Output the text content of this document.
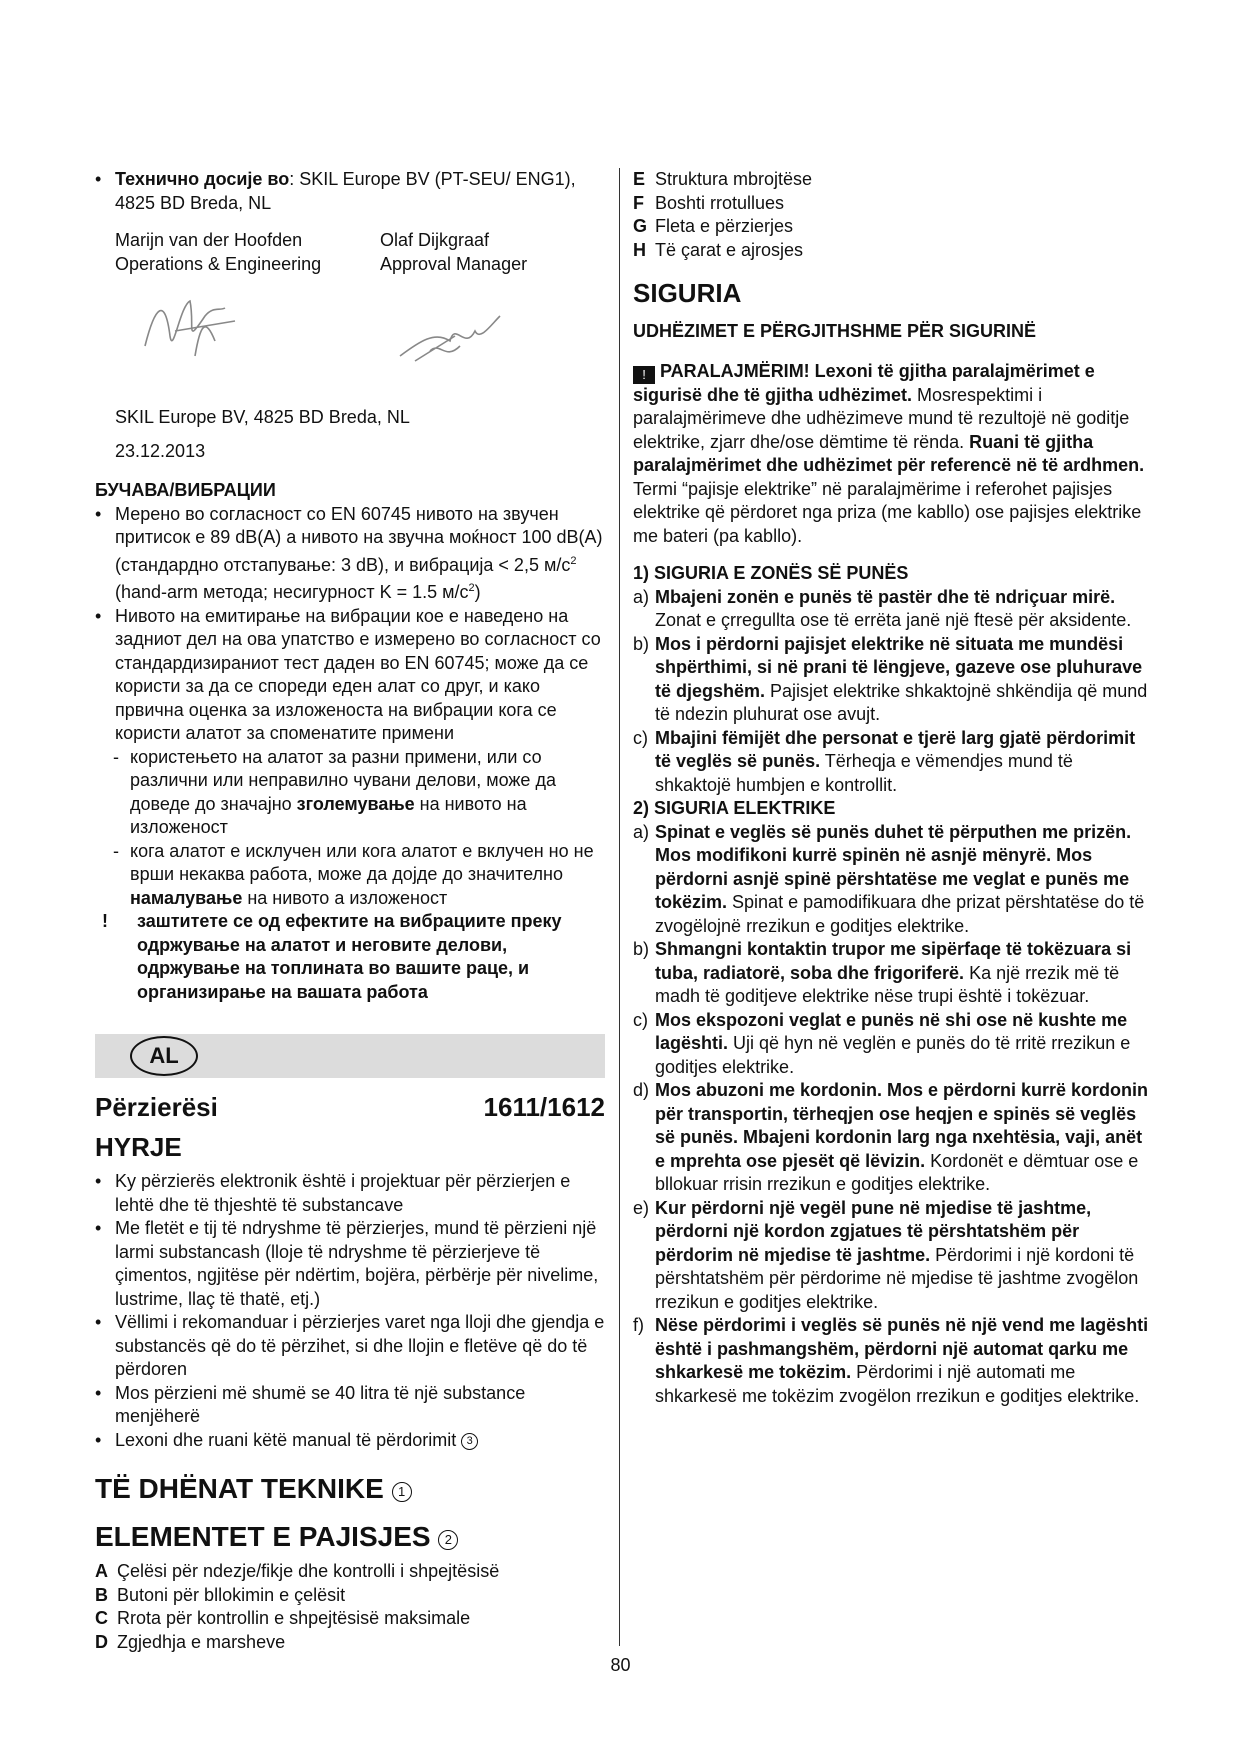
• Технично досије во: SKIL Europe BV (PT-SEU/ ENG1), 4825 BD Breda, NL

Marijn van der Hoofden

Operations & Engineering

Olaf Dijkgraaf

Approval Manager

SKIL Europe BV, 4825 BD Breda, NL

23.12.2013

БУЧАВА/ВИБРАЦИИ

• Мерено во согласност со EN 60745 нивото на звучен притисок е 89 dB(A) а нивото на звучна моќност 100 dB(A) (стандардно отстапување: 3 dB), и вибрација < 2,5 $м/с^2$ (hand-arm метода; несигурност K = 1.5 $м/с^2$)

• Нивото на емитирање на вибрации кое е наведено на задниот дел на ова упатство е измерено во согласност со стандардизираниот тест даден во EN 60745; може да се користи за да се спореди еден алат со друг, и како првична оценка за изложеноста на вибрации кога се користи алатот за споменатите примени

- користењето на алатот за разни примени, или со различни или неправилно чувани делови, може да доведе до значајно зголемување на нивото на изложеност

- кога алатот е исклучен или кога алатот е вклучен но не врши некаква работа, може да дојде до значително намалување на нивото а изложеност

! заштитете се од ефектите на вибрациите преку одржување на алатот и неговите делови, одржување на топлината во вашите раце, и организирање на вашата работа

AL
Përzierësi	1611/1612

HYRJE

• Ky përzierës elektronik është i projektuar për përzierjen e lehtë dhe të thjeshtë të substancave

• Me fletët e tij të ndryshme të përzierjes, mund të përzieni një larmi substancash (lloje të ndryshme të përzierjeve të çimentos, ngjitëse për ndërtim, bojëra, përbërje për nivelime, lustrime, llaç të thatë, etj.)

• Vëllimi i rekomanduar i përzierjes varet nga lloji dhe gjendja e substancës që do të përzihet, si dhe llojin e fletëve që do të përdoren

• Mos përzieni më shumë se 40 litra të një substance menjëherë

• Lexoni dhe ruani këtë manual të përdorimit 3

TË DHËNAT TEKNIKE 1

ELEMENTET E PAJISJES 2

A Çelësi për ndezje/fikje dhe kontrolli i shpejtësisë

B Butoni për bllokimin e çelësit

C Rrota për kontrollin e shpejtësisë maksimale

D Zgjedhja e marsheve

E Struktura mbrojtëse

F Boshti rrotullues

G Fleta e përzierjes

H Të çarat e ajrosjes

SIGURIA

UDHËZIMET E PËRGJITHSHME PËR SIGURINË

! PARALAJMËRIM! Lexoni të gjitha paralajmërimet e sigurisë dhe të gjitha udhëzimet. Mosrespektimi i paralajmërimeve dhe udhëzimeve mund të rezultojë në goditje elektrike, zjarr dhe/ose dëmtime të rënda. Ruani të gjitha paralajmërimet dhe udhëzimet për referencë në të ardhmen. Termi “pajisje elektrike” në paralajmërime i referohet pajisjes elektrike që përdoret nga priza (me kabllo) ose pajisjes elektrike me bateri (pa kabllo).

1) SIGURIA E ZONËS SË PUNËS

a) Mbajeni zonën e punës të pastër dhe të ndriçuar mirë. Zonat e çrregullta ose të errëta janë një ftesë për aksidente.

b) Mos i përdorni pajisjet elektrike në situata me mundësi shpërthimi, si në prani të lëngjeve, gazeve ose pluhurave të djegshëm. Pajisjet elektrike shkaktojnë shkëndija që mund të ndezin pluhurat ose avujt.

c) Mbajini fëmijët dhe personat e tjerë larg gjatë përdorimit të veglës së punës. Tërheqja e vëmendjes mund të shkaktojë humbjen e kontrollit.

2) SIGURIA ELEKTRIKE

a) Spinat e veglës së punës duhet të përputhen me prizën. Mos modifikoni kurrë spinën në asnjë mënyrë. Mos përdorni asnjë spinë përshtatëse me veglat e punës me tokëzim. Spinat e pamodifikuara dhe prizat përshtatëse do të zvogëlojnë rrezikun e goditjes elektrike.

b) Shmangni kontaktin trupor me sipërfaqe të tokëzuara si tuba, radiatorë, soba dhe frigoriferë. Ka një rrezik më të madh të goditjeve elektrike nëse trupi është i tokëzuar.

c) Mos ekspozoni veglat e punës në shi ose në kushte me lagështi. Uji që hyn në veglën e punës do të rritë rrezikun e goditjes elektrike.

d) Mos abuzoni me kordonin. Mos e përdorni kurrë kordonin për transportin, tërheqjen ose heqjen e spinës së veglës së punës. Mbajeni kordonin larg nga nxehtësia, vaji, anët e mprehta ose pjesët që lëvizin. Kordonët e dëmtuar ose e bllokuar rrisin rrezikun e goditjes elektrike.

e) Kur përdorni një vegël pune në mjedise të jashtme, përdorni një kordon zgjatues të përshtatshëm për përdorim në mjedise të jashtme. Përdorimi i një kordoni të përshtatshëm për përdorime në mjedise të jashtme zvogëlon rrezikun e goditjes elektrike.

f) Nëse përdorimi i veglës së punës në një vend me lagështi është i pashmangshëm, përdorni një automat qarku me shkarkesë me tokëzim. Përdorimi i një automati me shkarkesë me tokëzim zvogëlon rrezikun e goditjes elektrike.

80
